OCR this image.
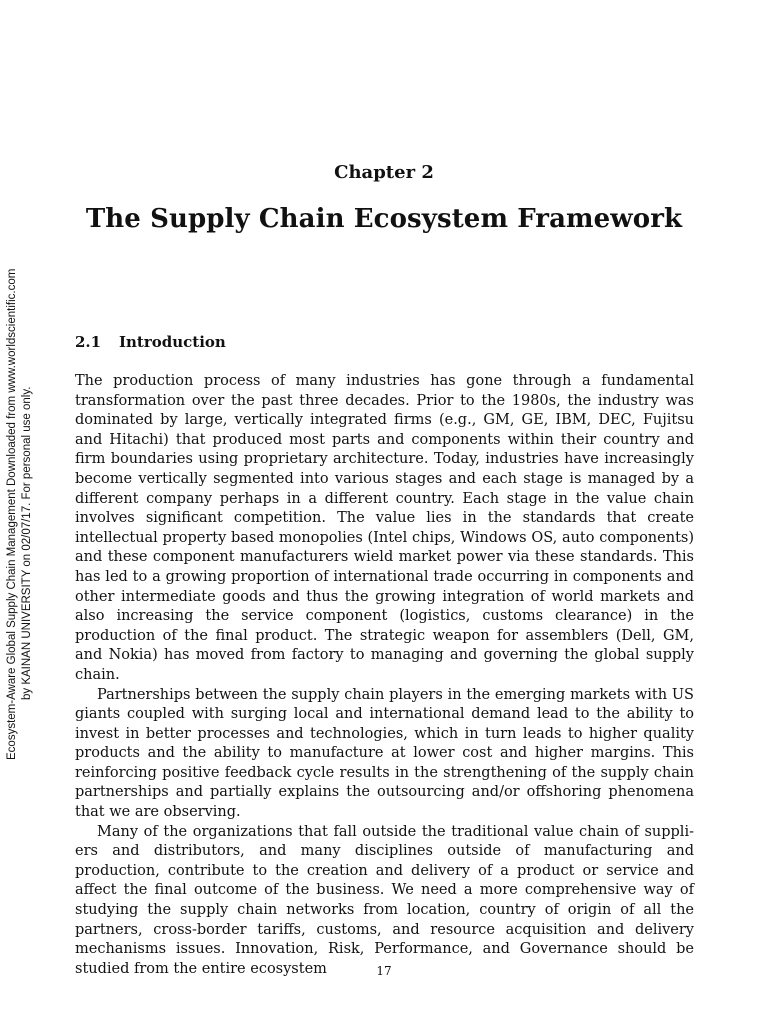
Ecosystem-Aware Global Supply Chain Management Downloaded from www.worldscientific.com by KAINAN UNIVERSITY on 02/07/17. For personal use only.
Chapter 2
The Supply Chain Ecosystem Framework
2.1 Introduction

The production process of many industries has gone through a fundamental transformation over the past three decades. Prior to the 1980s, the industry was dominated by large, vertically integrated firms (e.g., GM, GE, IBM, DEC, Fujitsu and Hitachi) that produced most parts and components within their country and firm boundaries using proprietary architecture. Today, industries have increasingly become vertically segmented into various stages and each stage is managed by a different company perhaps in a different country. Each stage in the value chain involves significant competition. The value lies in the standards that create intellectual property based monopolies (Intel chips, Windows OS, auto components) and these component manufacturers wield market power via these standards. This has led to a growing proportion of international trade occurring in components and other intermediate goods and thus the growing integration of world markets and also increasing the service component (logistics, customs clearance) in the production of the final product. The strategic weapon for assemblers (Dell, GM, and Nokia) has moved from factory to managing and governing the global supply chain.

Partnerships between the supply chain players in the emerging markets with US giants coupled with surging local and international demand lead to the ability to invest in better processes and technologies, which in turn leads to higher quality products and the ability to manufacture at lower cost and higher margins. This reinforcing positive feedback cycle results in the strengthening of the supply chain partnerships and partially explains the outsourcing and/or offshoring phenomena that we are observing.

Many of the organizations that fall outside the traditional value chain of suppliers and distributors, and many disciplines outside of manufacturing and production, contribute to the creation and delivery of a product or service and affect the final outcome of the business. We need a more comprehensive way of studying the supply chain networks from location, country of origin of all the partners, cross-border tariffs, customs, and resource acquisition and delivery mechanisms issues. Innovation, Risk, Performance, and Governance should be studied from the entire ecosystem	17
